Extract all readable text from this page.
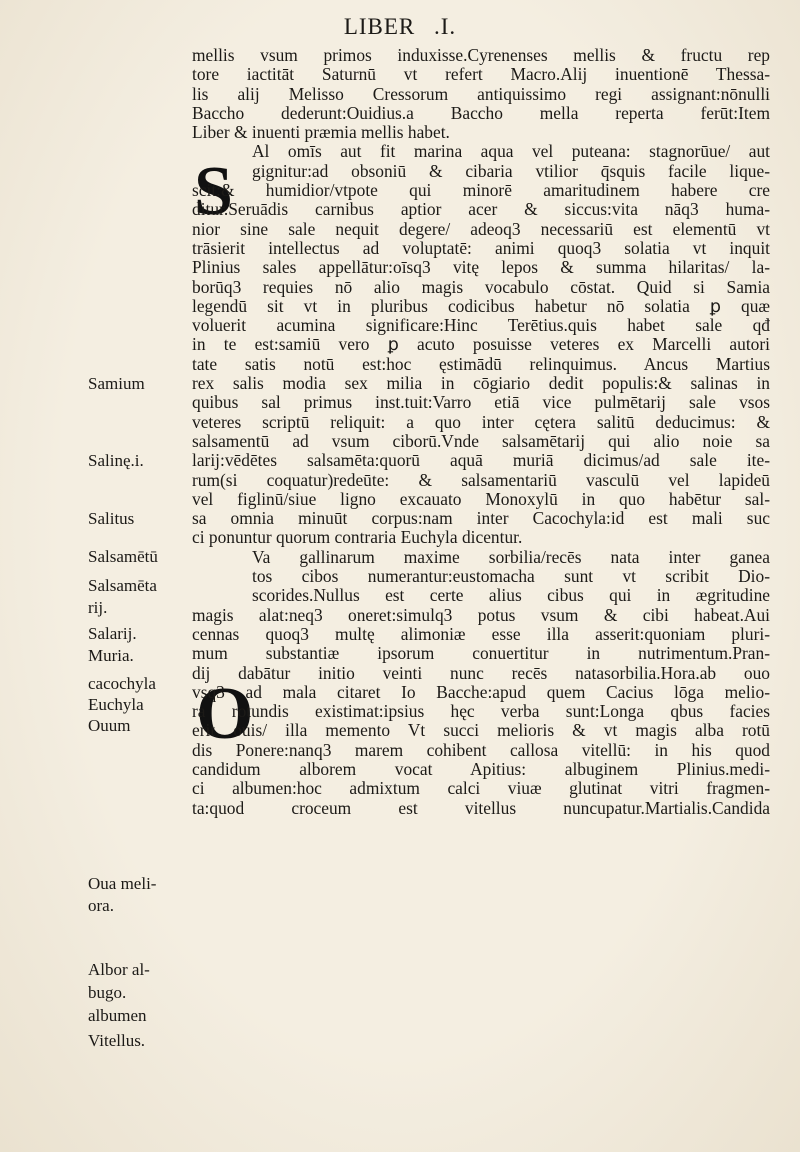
LIBER .I.
S
O
mellis vsum primos induxisse.Cyrenenses mellis & fructu rep
tore iactitāt Saturnū vt refert Macro.Alij inuentionē Thessa-
lis alij Melisso Cressorum antiquissimo regi assignant:nōnulli
Baccho dederunt:Ouidius.a Baccho mella reperta ferūt:Item
Liber & inuenti præmia mellis habet.
Al omīs aut fit marina aqua vel puteana: stagnorūue/ aut
gignitur:ad obsoniū & cibaria vtilior q̄squis facile lique-
scit:& humidior/vtpote qui minorē amaritudinem habere cre
ditur.Seruādis carnibus aptior acer & siccus:vita nāq3 huma-
nior sine sale nequit degere/ adeoq3 necessariū est elementū vt
trāsierit intellectus ad voluptatē: animi quoq3 solatia vt inquit
Plinius sales appellātur:oīsq3 vitę lepos & summa hilaritas/ la-
borūq3 requies nō alio magis vocabulo cōstat. Quid si Samia
legendū sit vt in pluribus codicibus habetur nō solatia ꝑ quæ
voluerit acumina significare:Hinc Terētius.quis habet sale qđ
in te est:samiū vero ꝑ acuto posuisse veteres ex Marcelli autori
tate satis notū est:hoc ęstimādū relinquimus. Ancus Martius
rex salis modia sex milia in cōgiario dedit populis:& salinas in
quibus sal primus inst.tuit:Varro etiā vice pulmētarij sale vsos
veteres scriptū reliquit: a quo inter cętera salitū deducimus: &
salsamentū ad vsum ciborū.Vnde salsamētarij qui alio noie sa
larij:vēdētes salsamēta:quorū aquā muriā dicimus/ad sale ite-
rum(si coquatur)redeūte: & salsamentariū vasculū vel lapideū
vel figlinū/siue ligno excauato Monoxylū in quo habētur sal-
sa omnia minuūt corpus:nam inter Cacochyla:id est mali suc
ci ponuntur quorum contraria Euchyla dicentur.
Va gallinarum maxime sorbilia/recēs nata inter ganea
tos cibos numerantur:eustomacha sunt vt scribit Dio-
scorides.Nullus est certe alius cibus qui in ægritudine
magis alat:neq3 oneret:simulq3 potus vsum & cibi habeat.Aui
cennas quoq3 multę alimoniæ esse illa asserit:quoniam pluri-
mum substantiæ ipsorum conuertitur in nutrimentum.Pran-
dij dabātur initio veinti nunc recēs natasorbilia.Hora.ab ouo
vsq3 ad mala citaret Io Bacche:apud quem Cacius lōga melio-
ra rotundis existimat:ipsius hęc verba sunt:Longa qbus facies
erit ouis/ illa memento Vt succi melioris & vt magis alba rotū
dis Ponere:nanq3 marem cohibent callosa vitellū: in his quod
candidum alborem vocat Apitius: albuginem Plinius.medi-
ci albumen:hoc admixtum calci viuæ glutinat vitri fragmen-
ta:quod croceum est vitellus nuncupatur.Martialis.Candida
Samium
Salinę.i.
Salitus
Salsamētū
Salsamēta
rij.
Salarij.
Muria.
cacochyla
Euchyla
Ouum
Oua meli-
ora.
Albor al-
bugo.
albumen
Vitellus.
